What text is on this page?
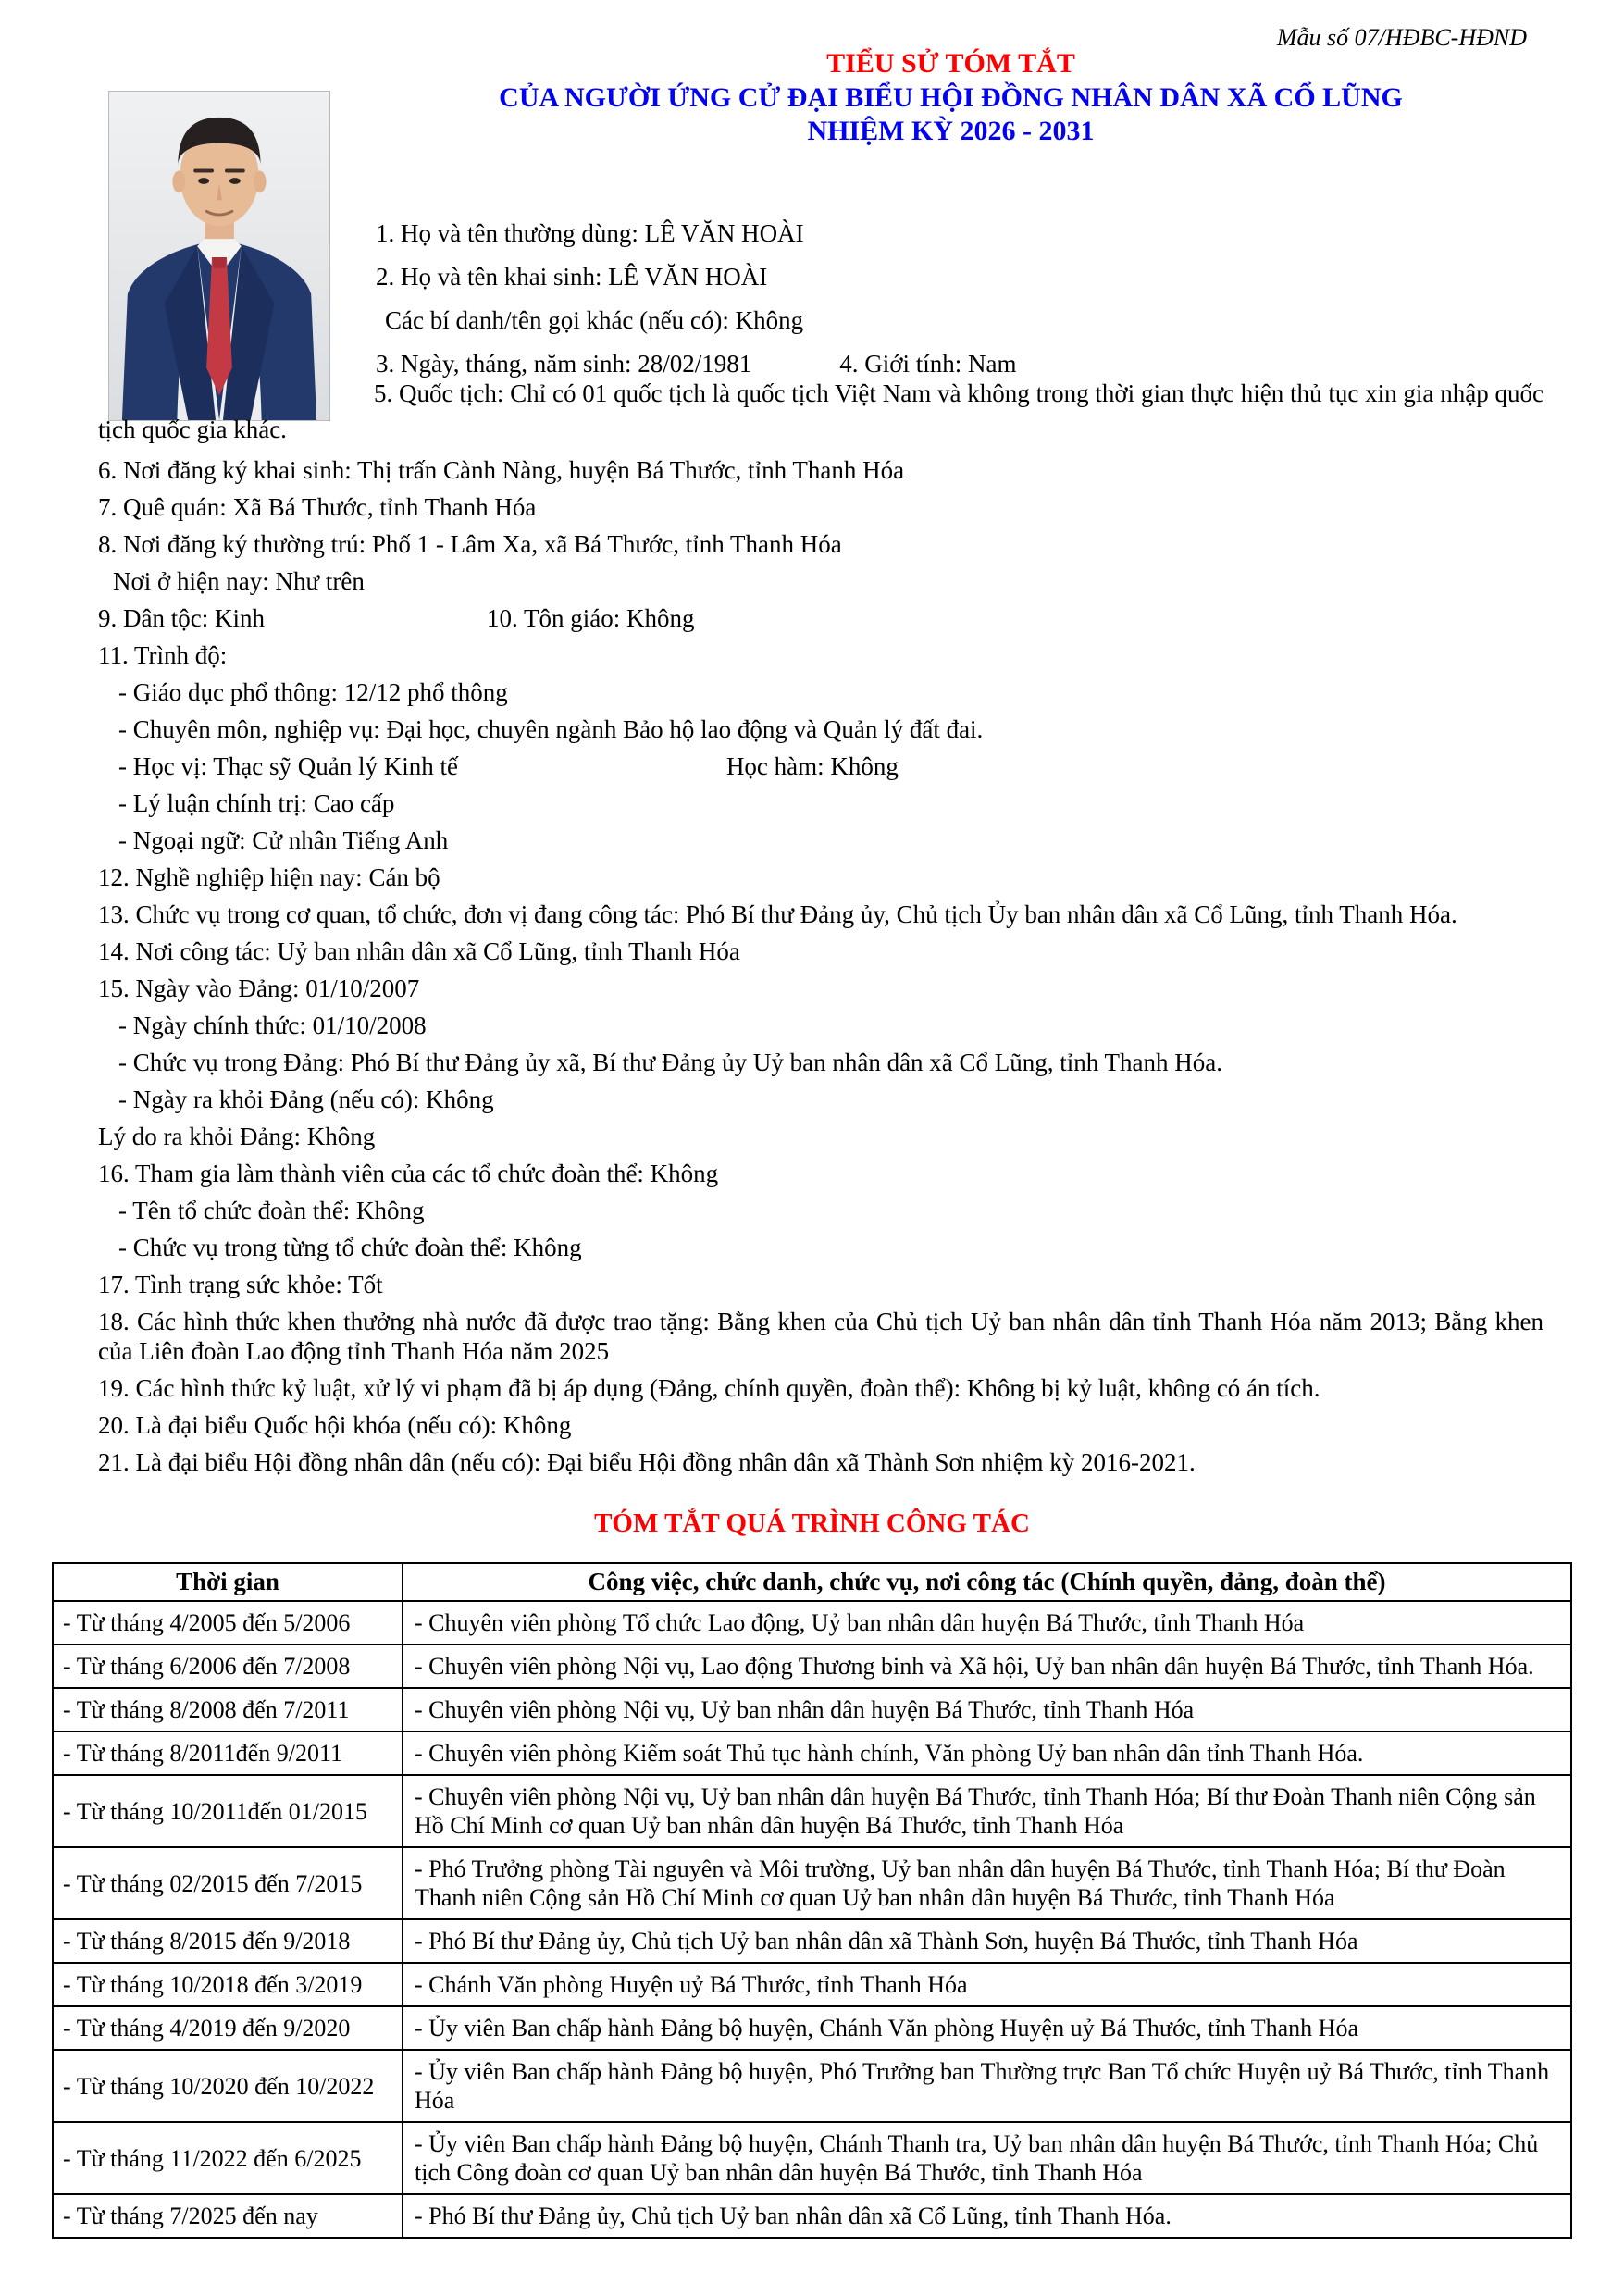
Mẫu số 07/HĐBC-HĐND
TIỂU SỬ TÓM TẮT
CỦA NGƯỜI ỨNG CỬ ĐẠI BIỂU HỘI ĐỒNG NHÂN DÂN XÃ CỔ LŨNG
NHIỆM KỲ 2026 - 2031

1. Họ và tên thường dùng: LÊ VĂN HOÀI

2. Họ và tên khai sinh: LÊ VĂN HOÀI

Các bí danh/tên gọi khác (nếu có): Không

3. Ngày, tháng, năm sinh: 28/02/1981	4. Giới tính: Nam

5. Quốc tịch: Chỉ có 01 quốc tịch là quốc tịch Việt Nam và không trong thời gian thực hiện thủ tục xin gia nhập quốc tịch quốc gia khác.

6. Nơi đăng ký khai sinh: Thị trấn Cành Nàng, huyện Bá Thước, tỉnh Thanh Hóa

7. Quê quán: Xã Bá Thước, tỉnh Thanh Hóa

8. Nơi đăng ký thường trú: Phố 1 - Lâm Xa, xã Bá Thước, tỉnh Thanh Hóa

Nơi ở hiện nay: Như trên

9. Dân tộc: Kinh	10. Tôn giáo: Không

11. Trình độ:

- Giáo dục phổ thông: 12/12 phổ thông

- Chuyên môn, nghiệp vụ: Đại học, chuyên ngành Bảo hộ lao động và Quản lý đất đai.

- Học vị: Thạc sỹ Quản lý Kinh tế	Học hàm: Không

- Lý luận chính trị: Cao cấp

- Ngoại ngữ: Cử nhân Tiếng Anh

12. Nghề nghiệp hiện nay: Cán bộ

13. Chức vụ trong cơ quan, tổ chức, đơn vị đang công tác: Phó Bí thư Đảng ủy, Chủ tịch Ủy ban nhân dân xã Cổ Lũng, tỉnh Thanh Hóa.

14. Nơi công tác: Uỷ ban nhân dân xã Cổ Lũng, tỉnh Thanh Hóa

15. Ngày vào Đảng: 01/10/2007

- Ngày chính thức: 01/10/2008

- Chức vụ trong Đảng: Phó Bí thư Đảng ủy xã, Bí thư Đảng ủy Uỷ ban nhân dân xã Cổ Lũng, tỉnh Thanh Hóa.

- Ngày ra khỏi Đảng (nếu có): Không

Lý do ra khỏi Đảng: Không

16. Tham gia làm thành viên của các tổ chức đoàn thể: Không

- Tên tổ chức đoàn thể: Không

- Chức vụ trong từng tổ chức đoàn thể: Không

17. Tình trạng sức khỏe: Tốt

18. Các hình thức khen thưởng nhà nước đã được trao tặng: Bằng khen của Chủ tịch Uỷ ban nhân dân tỉnh Thanh Hóa năm 2013; Bằng khen của Liên đoàn Lao động tỉnh Thanh Hóa năm 2025

19. Các hình thức kỷ luật, xử lý vi phạm đã bị áp dụng (Đảng, chính quyền, đoàn thể): Không bị kỷ luật, không có án tích.

20. Là đại biểu Quốc hội khóa (nếu có): Không

21. Là đại biểu Hội đồng nhân dân (nếu có): Đại biểu Hội đồng nhân dân xã Thành Sơn nhiệm kỳ 2016-2021.

TÓM TẮT QUÁ TRÌNH CÔNG TÁC
Thời gian	Công việc, chức danh, chức vụ, nơi công tác (Chính quyền, đảng, đoàn thể)
- Từ tháng 4/2005 đến 5/2006	- Chuyên viên phòng Tổ chức Lao động, Uỷ ban nhân dân huyện Bá Thước, tỉnh Thanh Hóa
- Từ tháng 6/2006 đến 7/2008	- Chuyên viên phòng Nội vụ, Lao động Thương binh và Xã hội, Uỷ ban nhân dân huyện Bá Thước, tỉnh Thanh Hóa.
- Từ tháng 8/2008 đến 7/2011	- Chuyên viên phòng Nội vụ, Uỷ ban nhân dân huyện Bá Thước, tỉnh Thanh Hóa
- Từ tháng 8/2011đến 9/2011	- Chuyên viên phòng Kiểm soát Thủ tục hành chính, Văn phòng Uỷ ban nhân dân tỉnh Thanh Hóa.
- Từ tháng 10/2011đến 01/2015	- Chuyên viên phòng Nội vụ, Uỷ ban nhân dân huyện Bá Thước, tỉnh Thanh Hóa; Bí thư Đoàn Thanh niên Cộng sản Hồ Chí Minh cơ quan Uỷ ban nhân dân huyện Bá Thước, tỉnh Thanh Hóa
- Từ tháng 02/2015 đến 7/2015	- Phó Trưởng phòng Tài nguyên và Môi trường, Uỷ ban nhân dân huyện Bá Thước, tỉnh Thanh Hóa; Bí thư Đoàn Thanh niên Cộng sản Hồ Chí Minh cơ quan Uỷ ban nhân dân huyện Bá Thước, tỉnh Thanh Hóa
- Từ tháng 8/2015 đến 9/2018	- Phó Bí thư Đảng ủy, Chủ tịch Uỷ ban nhân dân xã Thành Sơn, huyện Bá Thước, tỉnh Thanh Hóa
- Từ tháng 10/2018 đến 3/2019	- Chánh Văn phòng Huyện uỷ Bá Thước, tỉnh Thanh Hóa
- Từ tháng 4/2019 đến 9/2020	- Ủy viên Ban chấp hành Đảng bộ huyện, Chánh Văn phòng Huyện uỷ Bá Thước, tỉnh Thanh Hóa
- Từ tháng 10/2020 đến 10/2022	- Ủy viên Ban chấp hành Đảng bộ huyện, Phó Trưởng ban Thường trực Ban Tổ chức Huyện uỷ Bá Thước, tỉnh Thanh Hóa
- Từ tháng 11/2022 đến 6/2025	- Ủy viên Ban chấp hành Đảng bộ huyện, Chánh Thanh tra, Uỷ ban nhân dân huyện Bá Thước, tỉnh Thanh Hóa; Chủ tịch Công đoàn cơ quan Uỷ ban nhân dân huyện Bá Thước, tỉnh Thanh Hóa
- Từ tháng 7/2025 đến nay	- Phó Bí thư Đảng ủy, Chủ tịch Uỷ ban nhân dân xã Cổ Lũng, tỉnh Thanh Hóa.
